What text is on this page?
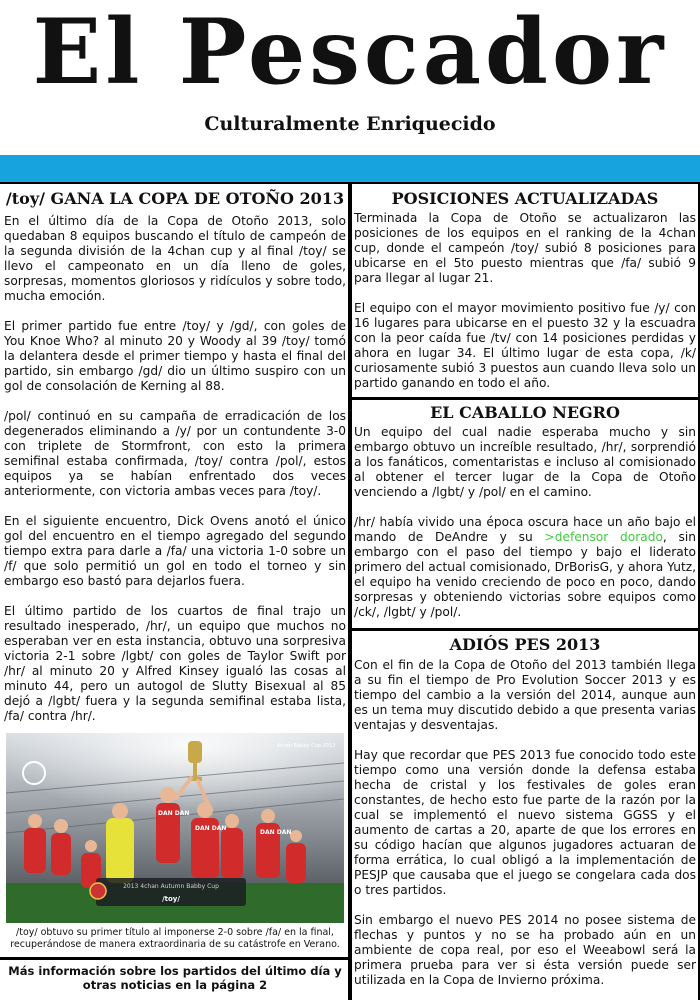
El Pescador
Culturalmente Enriquecido
/toy/ GANA LA COPA DE OTOÑO 2013

En el último día de la Copa de Otoño 2013, solo quedaban 8 equipos buscando el título de campeón de la segunda división de la 4chan cup y al final /toy/ se llevo el campeonato en un día lleno de goles, sorpresas, momentos gloriosos y ridículos y sobre todo, mucha emoción.

El primer partido fue entre /toy/ y /gd/, con goles de You Knoe Who? al minuto 20 y Woody al 39 /toy/ tomó la delantera desde el primer tiempo y hasta el final del partido, sin embargo /gd/ dio un último suspiro con un gol de consolación de Kerning al 88.

/pol/ continuó en su campaña de erradicación de los degenerados eliminando a /y/ por un contundente 3-0 con triplete de Stormfront, con esto la primera semifinal estaba confirmada, /toy/ contra /pol/, estos equipos ya se habían enfrentado dos veces anteriormente, con victoria ambas veces para /toy/.

En el siguiente encuentro, Dick Ovens anotó el único gol del encuentro en el tiempo agregado del segundo tiempo extra para darle a /fa/ una victoria 1-0 sobre un /f/ que solo permitió un gol en todo el torneo y sin embargo eso bastó para dejarlos fuera.

El último partido de los cuartos de final trajo un resultado inesperado, /hr/, un equipo que muchos no esperaban ver en esta instancia, obtuvo una sorpresiva victoria 2-1 sobre /lgbt/ con goles de Taylor Swift por /hr/ al minuto 20 y Alfred Kinsey igualó las cosas al minuto 44, pero un autogol de Slutty Bisexual al 85 dejó a /lgbt/ fuera y la segunda semifinal estaba lista, /fa/ contra /hr/.

DAN DAN
DAN DAN
DAN DAN
2013 4chan Autumn Babby Cup
/toy/
4chan Babby Cup 2013
/toy/ obtuvo su primer título al imponerse 2-0 sobre /fa/ en la final, recuperándose de manera extraordinaria de su catástrofe en Verano.
Más información sobre los partidos del último día y otras noticias en la página 2
POSICIONES ACTUALIZADAS

Terminada la Copa de Otoño se actualizaron las posiciones de los equipos en el ranking de la 4chan cup, donde el campeón /toy/ subió 8 posiciones para ubicarse en el 5to puesto mientras que /fa/ subió 9 para llegar al lugar 21.

El equipo con el mayor movimiento positivo fue /y/ con 16 lugares para ubicarse en el puesto 32 y la escuadra con la peor caída fue /tv/ con 14 posiciones perdidas y ahora en lugar 34. El último lugar de esta copa, /k/ curiosamente subió 3 puestos aun cuando lleva solo un partido ganando en todo el año.

EL CABALLO NEGRO

Un equipo del cual nadie esperaba mucho y sin embargo obtuvo un increíble resultado, /hr/, sorprendió a los fanáticos, comentaristas e incluso al comisionado al obtener el tercer lugar de la Copa de Otoño venciendo a /lgbt/ y /pol/ en el camino.

/hr/ había vivido una época oscura hace un año bajo el mando de DeAndre y su >defensor dorado, sin embargo con el paso del tiempo y bajo el liderato primero del actual comisionado, DrBorisG, y ahora Yutz, el equipo ha venido creciendo de poco en poco, dando sorpresas y obteniendo victorias sobre equipos como /ck/, /lgbt/ y /pol/.

ADIÓS PES 2013

Con el fin de la Copa de Otoño del 2013 también llega a su fin el tiempo de Pro Evolution Soccer 2013 y es tiempo del cambio a la versión del 2014, aunque aun es un tema muy discutido debido a que presenta varias ventajas y desventajas.

Hay que recordar que PES 2013 fue conocido todo este tiempo como una versión donde la defensa estaba hecha de cristal y los festivales de goles eran constantes, de hecho esto fue parte de la razón por la cual se implementó el nuevo sistema GGSS y el aumento de cartas a 20, aparte de que los errores en su código hacían que algunos jugadores actuaran de forma errática, lo cual obligó a la implementación de PESJP que causaba que el juego se congelara cada dos o tres partidos.

Sin embargo el nuevo PES 2014 no posee sistema de flechas y puntos y no se ha probado aún en un ambiente de copa real, por eso el Weeabowl será la primera prueba para ver si ésta versión puede ser utilizada en la Copa de Invierno próxima.
